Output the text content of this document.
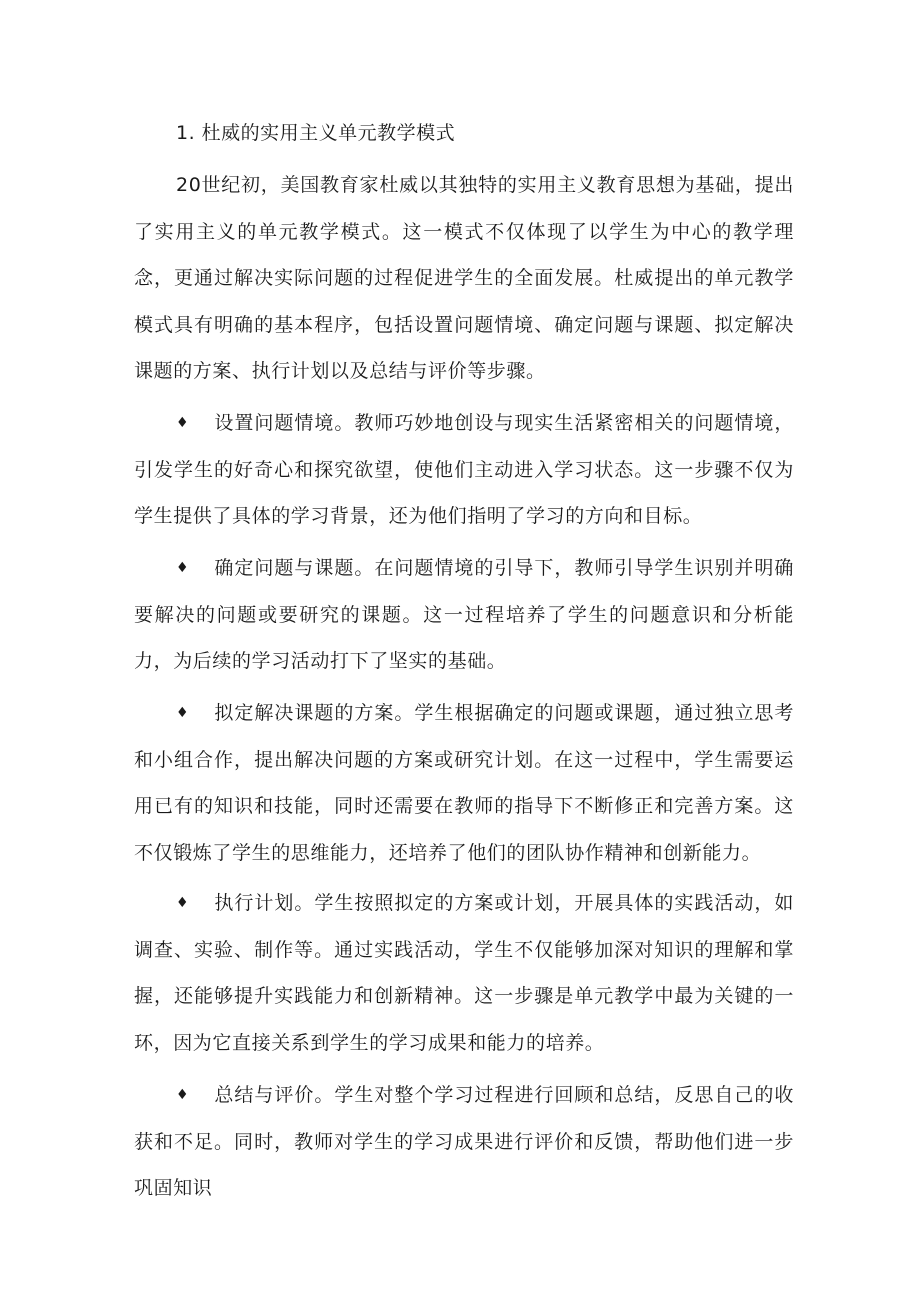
1. 杜威的实用主义单元教学模式

20世纪初，美国教育家杜威以其独特的实用主义教育思想为基础，提出了实用主义的单元教学模式。这一模式不仅体现了以学生为中心的教学理念，更通过解决实际问题的过程促进学生的全面发展。杜威提出的单元教学模式具有明确的基本程序，包括设置问题情境、确定问题与课题、拟定解决课题的方案、执行计划以及总结与评价等步骤。

♦ 设置问题情境。教师巧妙地创设与现实生活紧密相关的问题情境，引发学生的好奇心和探究欲望，使他们主动进入学习状态。这一步骤不仅为学生提供了具体的学习背景，还为他们指明了学习的方向和目标。

♦ 确定问题与课题。在问题情境的引导下，教师引导学生识别并明确要解决的问题或要研究的课题。这一过程培养了学生的问题意识和分析能力，为后续的学习活动打下了坚实的基础。

♦ 拟定解决课题的方案。学生根据确定的问题或课题，通过独立思考和小组合作，提出解决问题的方案或研究计划。在这一过程中，学生需要运用已有的知识和技能，同时还需要在教师的指导下不断修正和完善方案。这不仅锻炼了学生的思维能力，还培养了他们的团队协作精神和创新能力。

♦ 执行计划。学生按照拟定的方案或计划，开展具体的实践活动，如调查、实验、制作等。通过实践活动，学生不仅能够加深对知识的理解和掌握，还能够提升实践能力和创新精神。这一步骤是单元教学中最为关键的一环，因为它直接关系到学生的学习成果和能力的培养。

♦ 总结与评价。学生对整个学习过程进行回顾和总结，反思自己的收获和不足。同时，教师对学生的学习成果进行评价和反馈，帮助他们进一步巩固知识
